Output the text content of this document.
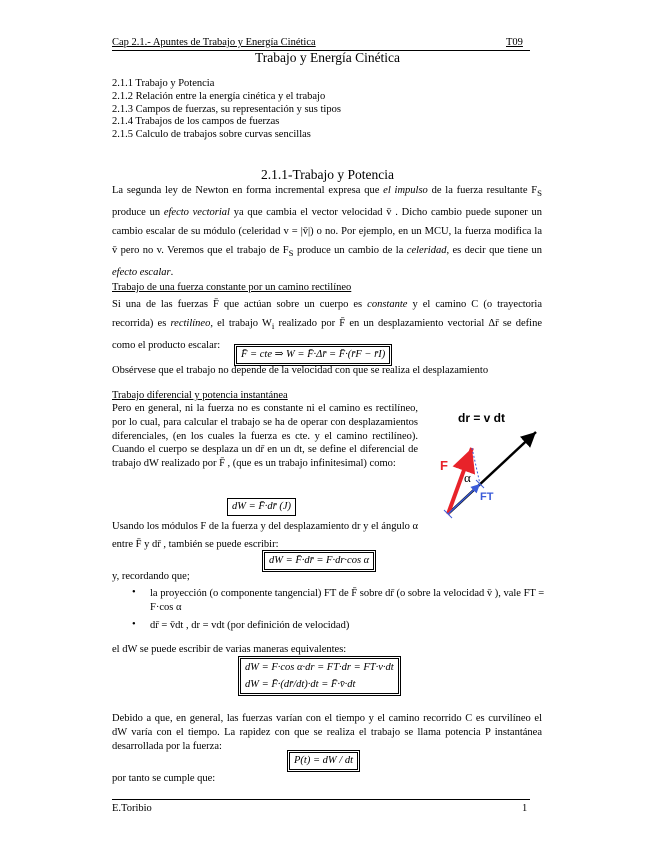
Cap 2.1.- Apuntes de Trabajo y Energía Cinética	T09
Trabajo y Energía Cinética
2.1.1 Trabajo y Potencia
2.1.2 Relación entre la energía cinética y el trabajo
2.1.3 Campos de fuerzas, su representación y sus tipos
2.1.4 Trabajos de los campos de fuerzas
2.1.5 Calculo de trabajos sobre curvas sencillas
2.1.1-Trabajo y Potencia
La segunda ley de Newton en forma incremental expresa que el impulso de la fuerza resultante $F_S$ produce un efecto vectorial ya que cambia el vector velocidad v̄ . Dicho cambio puede suponer un cambio escalar de su módulo (celeridad v = |v̄|) o no. Por ejemplo, en un MCU, la fuerza modifica la v̄ pero no v. Veremos que el trabajo de $F_S$ produce un cambio de la celeridad, es decir que tiene un efecto escalar.
Trabajo de una fuerza constante por un camino rectilíneo
Si una de las fuerzas F̄ que actúan sobre un cuerpo es constante y el camino C (o trayectoria recorrida) es rectilíneo, el trabajo $W_i$ realizado por F̄ en un desplazamiento vectorial Δr̄ se define como el producto escalar:
F̄ = cte ⇒ W = F̄·Δr̄ = F̄·(r̄F − r̄I)
Obsérvese que el trabajo no depende de la velocidad con que se realiza el desplazamiento
Trabajo diferencial y potencia instantánea
Pero en general, ni la fuerza no es constante ni el camino es rectilíneo, por lo cual, para calcular el trabajo se ha de operar con desplazamientos diferenciales, (en los cuales la fuerza es cte. y el camino rectilíneo). Cuando el cuerpo se desplaza un dr̄ en un dt, se define el diferencial de trabajo dW realizado por F̄ , (que es un trabajo infinitesimal) como:
dW = F̄·dr̄ (J)
Usando los módulos F de la fuerza y del desplazamiento dr y el ángulo α entre F̄ y dr̄ , también se puede escribir:
dW = F̄·dr̄ = F·dr·cos α
y, recordando que;
• la proyección (o componente tangencial) FT de F̄ sobre dr̄ (o sobre la velocidad v̄ ), vale FT = F·cos α
• dr̄ = v̄dt , dr = vdt (por definición de velocidad)
el dW se puede escribir de varias maneras equivalentes:
dW = F·cos α·dr = FT·dr = FT·v·dt
dW = F̄·(dr̄/dt)·dt = F̄·v̄·dt
Debido a que, en general, las fuerzas varían con el tiempo y el camino recorrido C es curvilíneo el dW varía con el tiempo. La rapidez con que se realiza el trabajo se llama potencia P instantánea desarrollada por la fuerza:
P(t) = dW / dt
por tanto se cumple que:
dr = v dt
F
α
FT
E.Toribio	1
